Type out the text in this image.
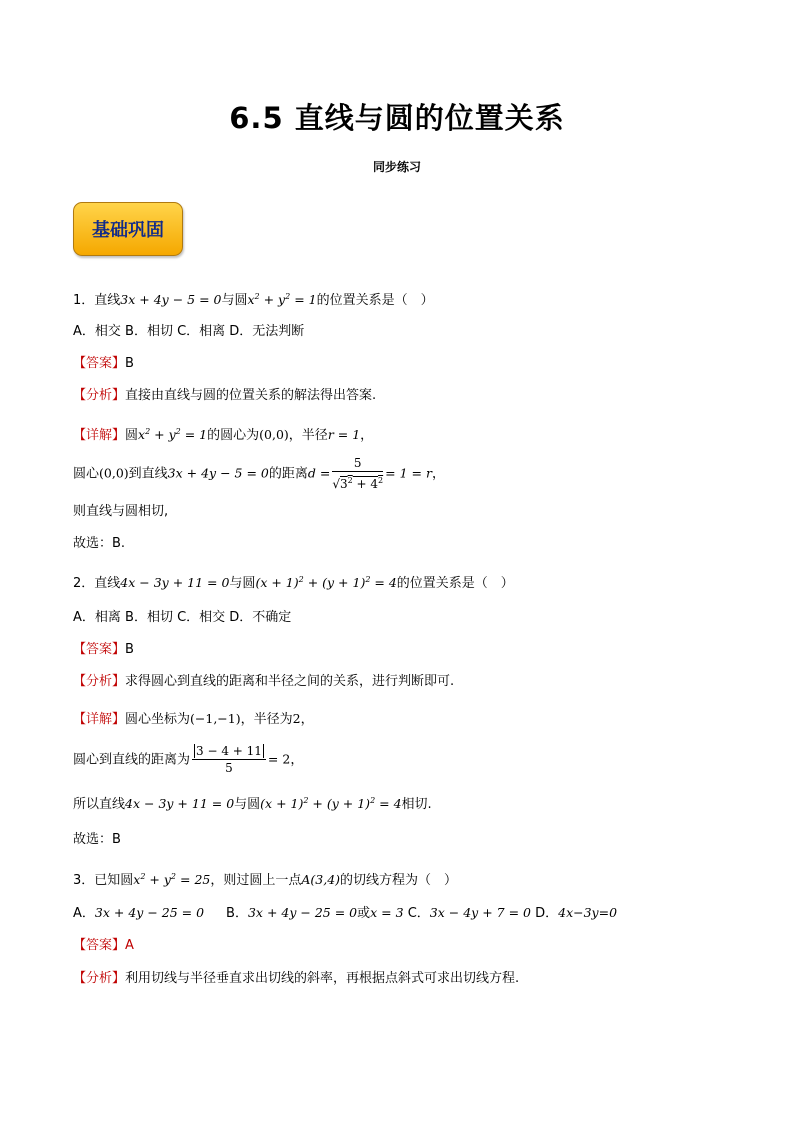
6.5 直线与圆的位置关系
同步练习
基础巩固
1．直线3x + 4y − 5 = 0与圆$x^2 + y^2 = 1$的位置关系是（　）
A．相交 B．相切 C．相离 D．无法判断
【答案】B
【分析】直接由直线与圆的位置关系的解法得出答案.
【详解】圆$x^2 + y^2 = 1$的圆心为(0,0)，半径r = 1，
圆心(0,0)到直线3x + 4y − 5 = 0的距离$d = \frac{5}{√3^2 + 4^2} = 1 = r$，
则直线与圆相切,
故选：B.
2．直线4x − 3y + 11 = 0与圆$(x + 1)^2 + (y + 1)^2 = 4$的位置关系是（　）
A．相离 B．相切 C．相交 D．不确定
【答案】B
【分析】求得圆心到直线的距离和半径之间的关系，进行判断即可.
【详解】圆心坐标为(−1,−1)，半径为2，
圆心到直线的距离为 $\frac{3 - 4 + 11}{5} = 2$，
所以直线4x − 3y + 11 = 0与圆$(x + 1)^2 + (y + 1)^2 = 4$相切.
故选：B
3．已知圆$x^2 + y^2 = 25$，则过圆上一点A(3,4)的切线方程为（　）
A．3x + 4y − 25 = 0 B．3x + 4y − 25 = 0或x = 3 C．3x − 4y + 7 = 0 D．4x−3y=0
【答案】A
【分析】利用切线与半径垂直求出切线的斜率，再根据点斜式可求出切线方程.
